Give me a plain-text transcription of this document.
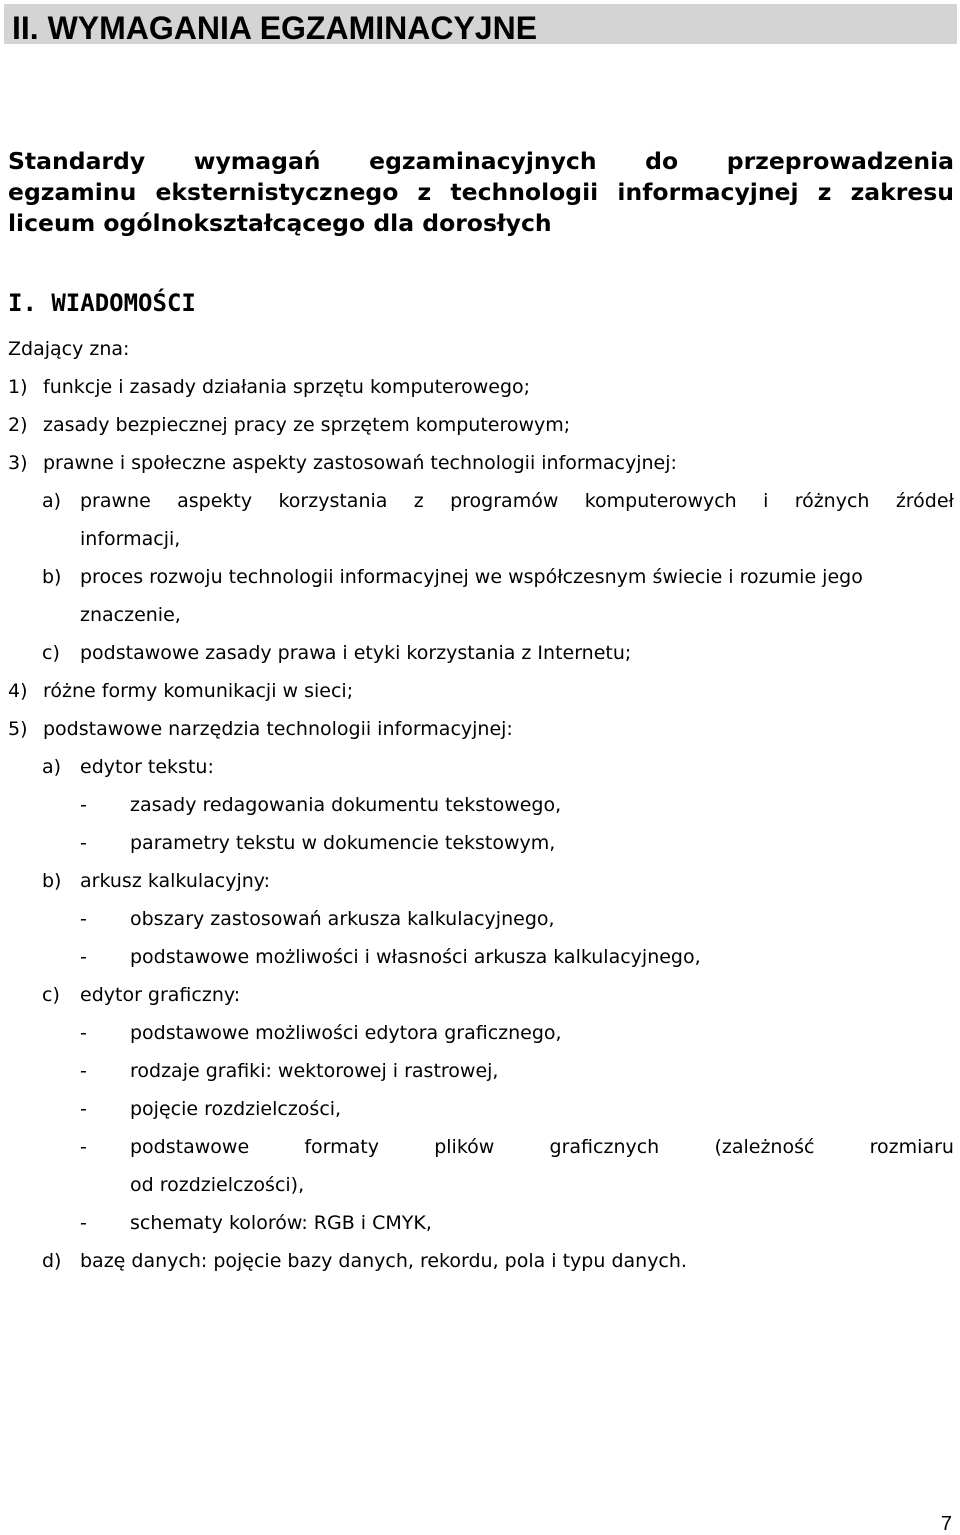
II. WYMAGANIA EGZAMINACYJNE
Standardy wymagań egzaminacyjnych do przeprowadzenia
egzaminu eksternistycznego z technologii informacyjnej z zakresu
liceum ogólnokształcącego dla dorosłych
I. WIADOMOŚCI
Zdający zna:
1) funkcje i zasady działania sprzętu komputerowego;
2) zasady bezpiecznej pracy ze sprzętem komputerowym;
3) prawne i społeczne aspekty zastosowań technologii informacyjnej:
a) prawne aspekty korzystania z programów komputerowych i różnych źródeł
informacji,
b) proces rozwoju technologii informacyjnej we współczesnym świecie i rozumie jego
znaczenie,
c) podstawowe zasady prawa i etyki korzystania z Internetu;
4) różne formy komunikacji w sieci;
5) podstawowe narzędzia technologii informacyjnej:
a) edytor tekstu:
- zasady redagowania dokumentu tekstowego,
- parametry tekstu w dokumencie tekstowym,
b) arkusz kalkulacyjny:
- obszary zastosowań arkusza kalkulacyjnego,
- podstawowe możliwości i własności arkusza kalkulacyjnego,
c) edytor graficzny:
- podstawowe możliwości edytora graficznego,
- rodzaje grafiki: wektorowej i rastrowej,
- pojęcie rozdzielczości,
- podstawowe	formaty	plików	graficznych	(zależność	rozmiaru
od rozdzielczości),
- schematy kolorów: RGB i CMYK,
d) bazę danych: pojęcie bazy danych, rekordu, pola i typu danych.
7
